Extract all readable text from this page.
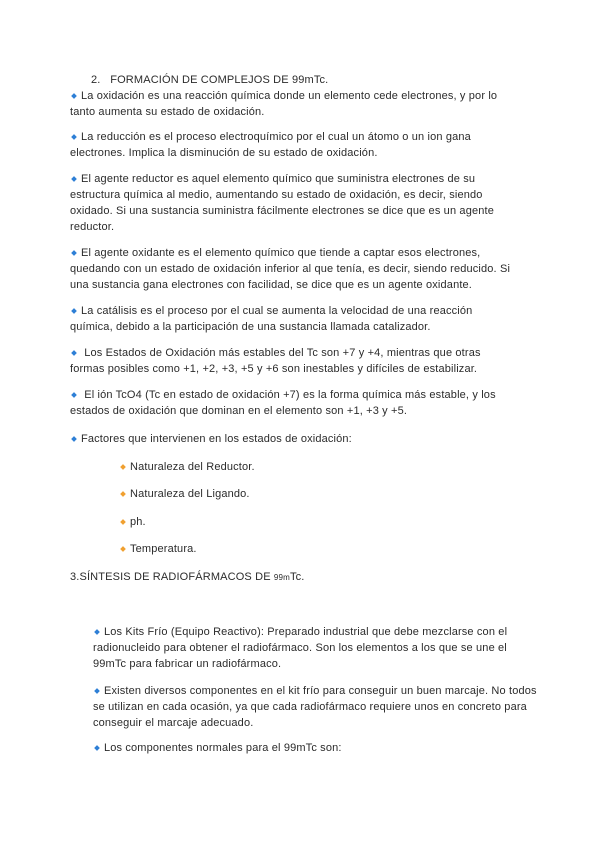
2. FORMACIÓN DE COMPLEJOS DE 99mTc.

La oxidación es una reacción química donde un elemento cede electrones, y por lo tanto aumenta su estado de oxidación.

La reducción es el proceso electroquímico por el cual un átomo o un ion gana electrones. Implica la disminución de su estado de oxidación.

El agente reductor es aquel elemento químico que suministra electrones de su estructura química al medio, aumentando su estado de oxidación, es decir, siendo oxidado. Si una sustancia suministra fácilmente electrones se dice que es un agente reductor.

El agente oxidante es el elemento químico que tiende a captar esos electrones, quedando con un estado de oxidación inferior al que tenía, es decir, siendo reducido. Si una sustancia gana electrones con facilidad, se dice que es un agente oxidante.

La catálisis es el proceso por el cual se aumenta la velocidad de una reacción química, debido a la participación de una sustancia llamada catalizador.

Los Estados de Oxidación más estables del Tc son +7 y +4, mientras que otras formas posibles como +1, +2, +3, +5 y +6 son inestables y difíciles de estabilizar.

El ión TcO4 (Tc en estado de oxidación +7) es la forma química más estable, y los estados de oxidación que dominan en el elemento son +1, +3 y +5.

Factores que intervienen en los estados de oxidación:

Naturaleza del Reductor.

Naturaleza del Ligando.

ph.

Temperatura.

3.SÍNTESIS DE RADIOFÁRMACOS DE 99mTc.

Los Kits Frío (Equipo Reactivo): Preparado industrial que debe mezclarse con el radionucleido para obtener el radiofármaco. Son los elementos a los que se une el 99mTc para fabricar un radiofármaco.

Existen diversos componentes en el kit frío para conseguir un buen marcaje. No todos se utilizan en cada ocasión, ya que cada radiofármaco requiere unos en concreto para conseguir el marcaje adecuado.

Los componentes normales para el 99mTc son:
